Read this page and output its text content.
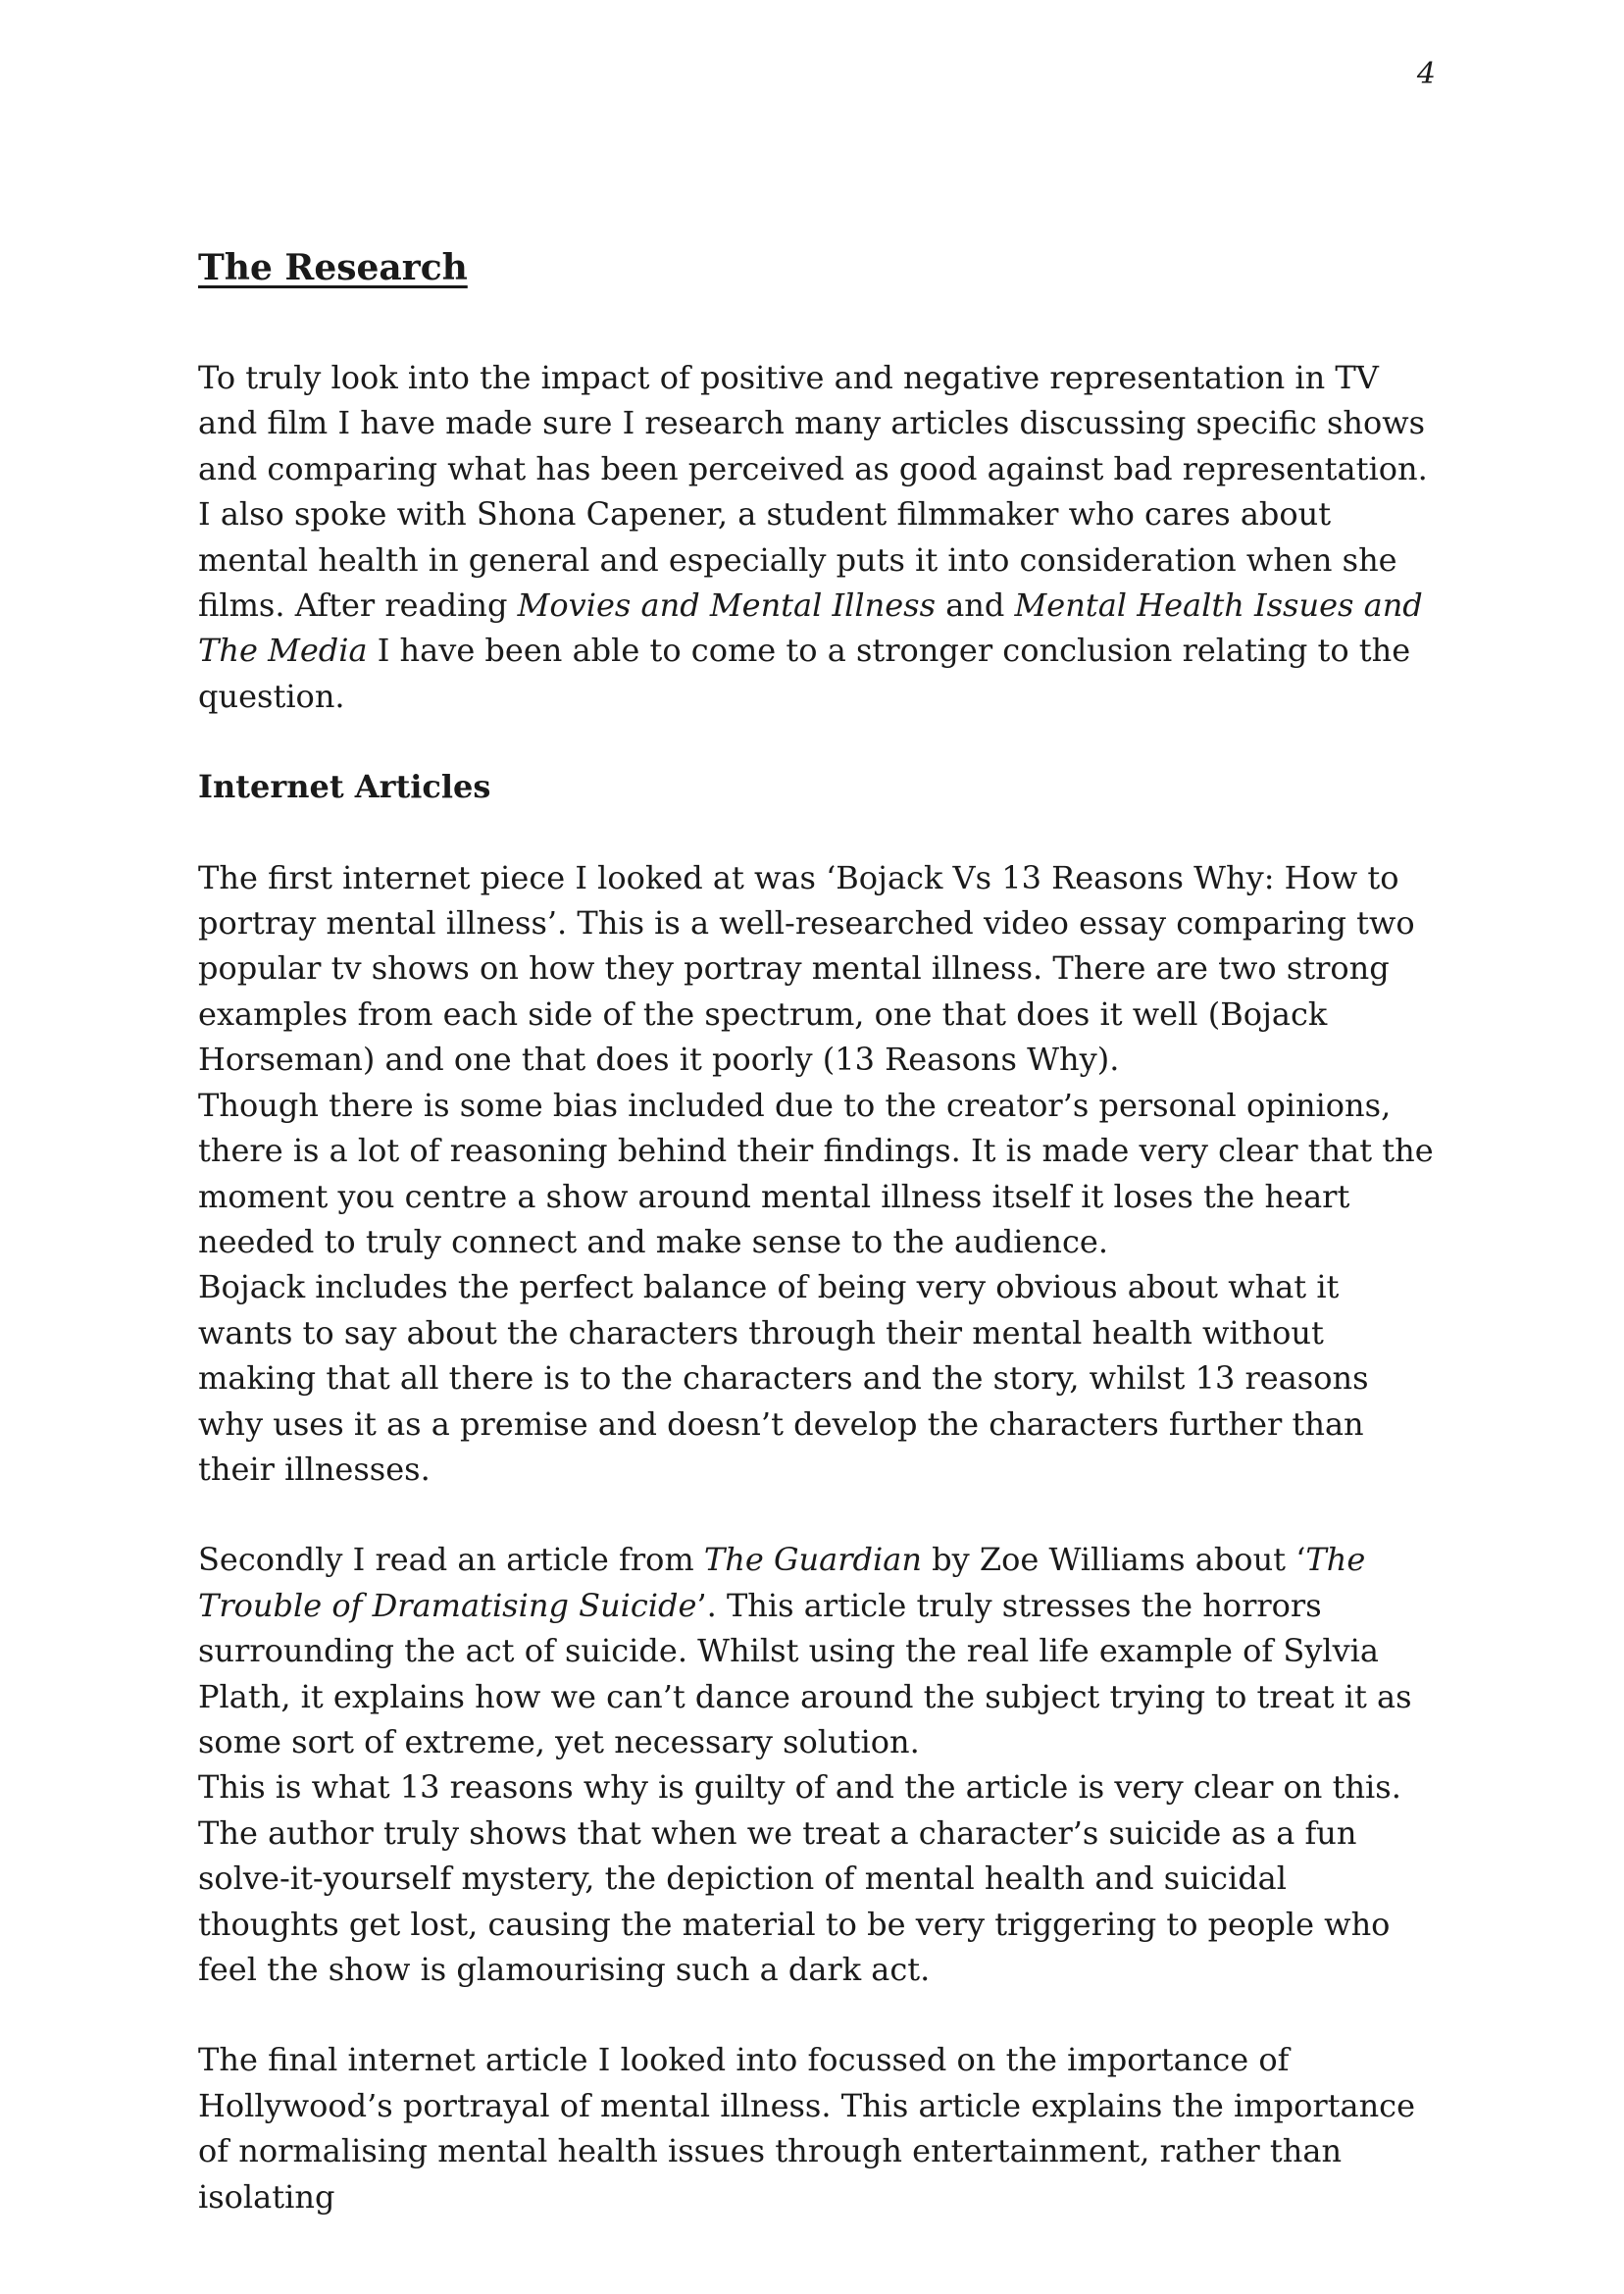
4
The Research

To truly look into the impact of positive and negative representation in TV and film I have made sure I research many articles discussing specific shows and comparing what has been perceived as good against bad representation. I also spoke with Shona Capener, a student filmmaker who cares about mental health in general and especially puts it into consideration when she films. After reading Movies and Mental Illness and Mental Health Issues and The Media I have been able to come to a stronger conclusion relating to the question.

Internet Articles

The first internet piece I looked at was ‘Bojack Vs 13 Reasons Why: How to portray mental illness’. This is a well-researched video essay comparing two popular tv shows on how they portray mental illness. There are two strong examples from each side of the spectrum, one that does it well (Bojack Horseman) and one that does it poorly (13 Reasons Why).

Though there is some bias included due to the creator’s personal opinions, there is a lot of reasoning behind their findings. It is made very clear that the moment you centre a show around mental illness itself it loses the heart needed to truly connect and make sense to the audience.

Bojack includes the perfect balance of being very obvious about what it wants to say about the characters through their mental health without making that all there is to the characters and the story, whilst 13 reasons why uses it as a premise and doesn’t develop the characters further than their illnesses.

Secondly I read an article from The Guardian by Zoe Williams about ‘The Trouble of Dramatising Suicide’. This article truly stresses the horrors surrounding the act of suicide. Whilst using the real life example of Sylvia Plath, it explains how we can’t dance around the subject trying to treat it as some sort of extreme, yet necessary solution.

This is what 13 reasons why is guilty of and the article is very clear on this. The author truly shows that when we treat a character’s suicide as a fun solve-it-yourself mystery, the depiction of mental health and suicidal thoughts get lost, causing the material to be very triggering to people who feel the show is glamourising such a dark act.

The final internet article I looked into focussed on the importance of Hollywood’s portrayal of mental illness. This article explains the importance of normalising mental health issues through entertainment, rather than isolating
